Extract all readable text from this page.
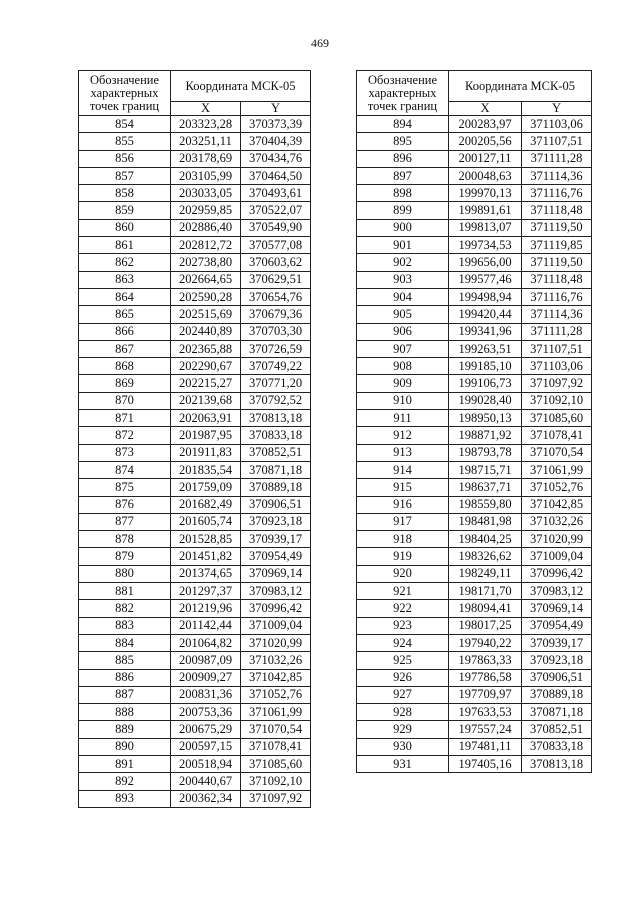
469
Обозначение характерных точек границ	Координата МСК-05	
	X	Y
854	203323,28	370373,39
855	203251,11	370404,39
856	203178,69	370434,76
857	203105,99	370464,50
858	203033,05	370493,61
859	202959,85	370522,07
860	202886,40	370549,90
861	202812,72	370577,08
862	202738,80	370603,62
863	202664,65	370629,51
864	202590,28	370654,76
865	202515,69	370679,36
866	202440,89	370703,30
867	202365,88	370726,59
868	202290,67	370749,22
869	202215,27	370771,20
870	202139,68	370792,52
871	202063,91	370813,18
872	201987,95	370833,18
873	201911,83	370852,51
874	201835,54	370871,18
875	201759,09	370889,18
876	201682,49	370906,51
877	201605,74	370923,18
878	201528,85	370939,17
879	201451,82	370954,49
880	201374,65	370969,14
881	201297,37	370983,12
882	201219,96	370996,42
883	201142,44	371009,04
884	201064,82	371020,99
885	200987,09	371032,26
886	200909,27	371042,85
887	200831,36	371052,76
888	200753,36	371061,99
889	200675,29	371070,54
890	200597,15	371078,41
891	200518,94	371085,60
892	200440,67	371092,10
893	200362,34	371097,92
Обозначение характерных точек границ	Координата МСК-05	
	X	Y
894	200283,97	371103,06
895	200205,56	371107,51
896	200127,11	371111,28
897	200048,63	371114,36
898	199970,13	371116,76
899	199891,61	371118,48
900	199813,07	371119,50
901	199734,53	371119,85
902	199656,00	371119,50
903	199577,46	371118,48
904	199498,94	371116,76
905	199420,44	371114,36
906	199341,96	371111,28
907	199263,51	371107,51
908	199185,10	371103,06
909	199106,73	371097,92
910	199028,40	371092,10
911	198950,13	371085,60
912	198871,92	371078,41
913	198793,78	371070,54
914	198715,71	371061,99
915	198637,71	371052,76
916	198559,80	371042,85
917	198481,98	371032,26
918	198404,25	371020,99
919	198326,62	371009,04
920	198249,11	370996,42
921	198171,70	370983,12
922	198094,41	370969,14
923	198017,25	370954,49
924	197940,22	370939,17
925	197863,33	370923,18
926	197786,58	370906,51
927	197709,97	370889,18
928	197633,53	370871,18
929	197557,24	370852,51
930	197481,11	370833,18
931	197405,16	370813,18
